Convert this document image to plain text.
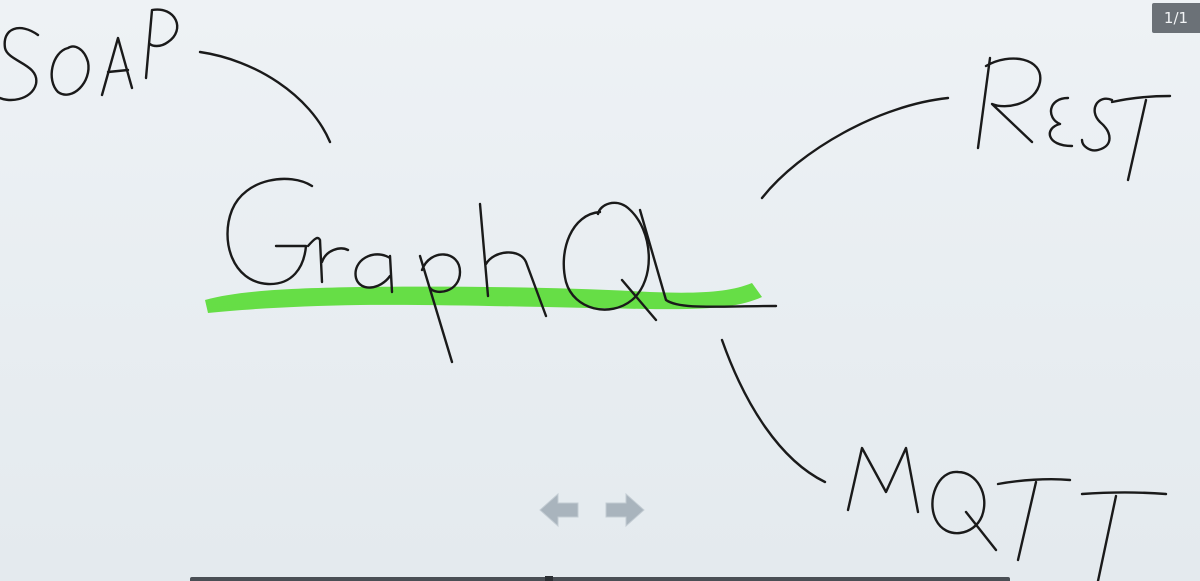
1/1
